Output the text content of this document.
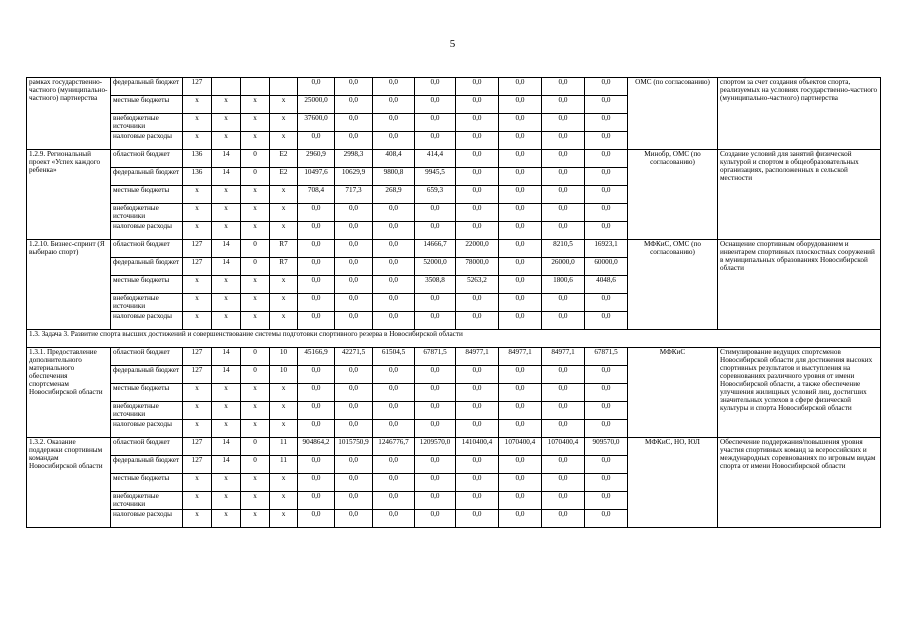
5
рамках государственно-частного (муниципально-частного) партнерства	федеральный бюджет	127				0,0	0,0	0,0	0,0	0,0	0,0	0,0	0,0	ОМС (по согласованию)	спортом за счет создания объектов спорта, реализуемых на условиях государственно-частного (муниципально-частного) партнерства
	местные бюджеты	x	x	x	x	25000,0	0,0	0,0	0,0	0,0	0,0	0,0	0,0		
	внебюджетные источники	x	x	x	x	37600,0	0,0	0,0	0,0	0,0	0,0	0,0	0,0		
	налоговые расходы	x	x	x	x	0,0	0,0	0,0	0,0	0,0	0,0	0,0	0,0		
1.2.9. Региональный проект «Успех каждого ребенка»	областной бюджет	136	14	0	E2	2960,9	2998,3	408,4	414,4	0,0	0,0	0,0	0,0	Минобр, ОМС (по согласованию)	Создание условий для занятий физической культурой и спортом в общеобразовательных организациях, расположенных в сельской местности
	федеральный бюджет	136	14	0	E2	10497,6	10629,9	9800,8	9945,5	0,0	0,0	0,0	0,0		
	местные бюджеты	x	x	x	x	708,4	717,3	268,9	659,3	0,0	0,0	0,0	0,0		
	внебюджетные источники	x	x	x	x	0,0	0,0	0,0	0,0	0,0	0,0	0,0	0,0		
	налоговые расходы	x	x	x	x	0,0	0,0	0,0	0,0	0,0	0,0	0,0	0,0		
1.2.10. Бизнес-спринт (Я выбираю спорт)	областной бюджет	127	14	0	R7	0,0	0,0	0,0	14666,7	22000,0	0,0	8210,5	16923,1	МФКиС, ОМС (по согласованию)	Оснащение спортивным оборудованием и инвентарем спортивных плоскостных сооружений в муниципальных образованиях Новосибирской области
	федеральный бюджет	127	14	0	R7	0,0	0,0	0,0	52000,0	78000,0	0,0	26000,0	60000,0		
	местные бюджеты	x	x	x	x	0,0	0,0	0,0	3508,8	5263,2	0,0	1800,6	4048,6		
	внебюджетные источники	x	x	x	x	0,0	0,0	0,0	0,0	0,0	0,0	0,0	0,0		
	налоговые расходы	x	x	x	x	0,0	0,0	0,0	0,0	0,0	0,0	0,0	0,0		
1.3. Задача 3. Развитие спорта высших достижений и совершенствование системы подготовки спортивного резерва в Новосибирской области															
1.3.1. Предоставление дополнительного материального обеспечения спортсменам Новосибирской области	областной бюджет	127	14	0	10	45166,9	42271,5	61504,5	67871,5	84977,1	84977,1	84977,1	67871,5	МФКиС	Стимулирование ведущих спортсменов Новосибирской области для достижения высоких спортивных результатов и выступления на соревнованиях различного уровня от имени Новосибирской области, а также обеспечение улучшения жилищных условий лиц, достигших значительных успехов в сфере физической культуры и спорта Новосибирской области
	федеральный бюджет	127	14	0	10	0,0	0,0	0,0	0,0	0,0	0,0	0,0	0,0		
	местные бюджеты	x	x	x	x	0,0	0,0	0,0	0,0	0,0	0,0	0,0	0,0		
	внебюджетные источники	x	x	x	x	0,0	0,0	0,0	0,0	0,0	0,0	0,0	0,0		
	налоговые расходы	x	x	x	x	0,0	0,0	0,0	0,0	0,0	0,0	0,0	0,0		
1.3.2. Оказание поддержки спортивным командам Новосибирской области	областной бюджет	127	14	0	11	904864,2	1015750,9	1246776,7	1209570,0	1410400,4	1070400,4	1070400,4	909570,0	МФКиС, НО, ЮЛ	Обеспечение поддержания/повышения уровня участия спортивных команд за всероссийских и международных соревнованиях по игровым видам спорта от имени Новосибирской области
	федеральный бюджет	127	14	0	11	0,0	0,0	0,0	0,0	0,0	0,0	0,0	0,0		
	местные бюджеты	x	x	x	x	0,0	0,0	0,0	0,0	0,0	0,0	0,0	0,0		
	внебюджетные источники	x	x	x	x	0,0	0,0	0,0	0,0	0,0	0,0	0,0	0,0		
	налоговые расходы	x	x	x	x	0,0	0,0	0,0	0,0	0,0	0,0	0,0	0,0		
